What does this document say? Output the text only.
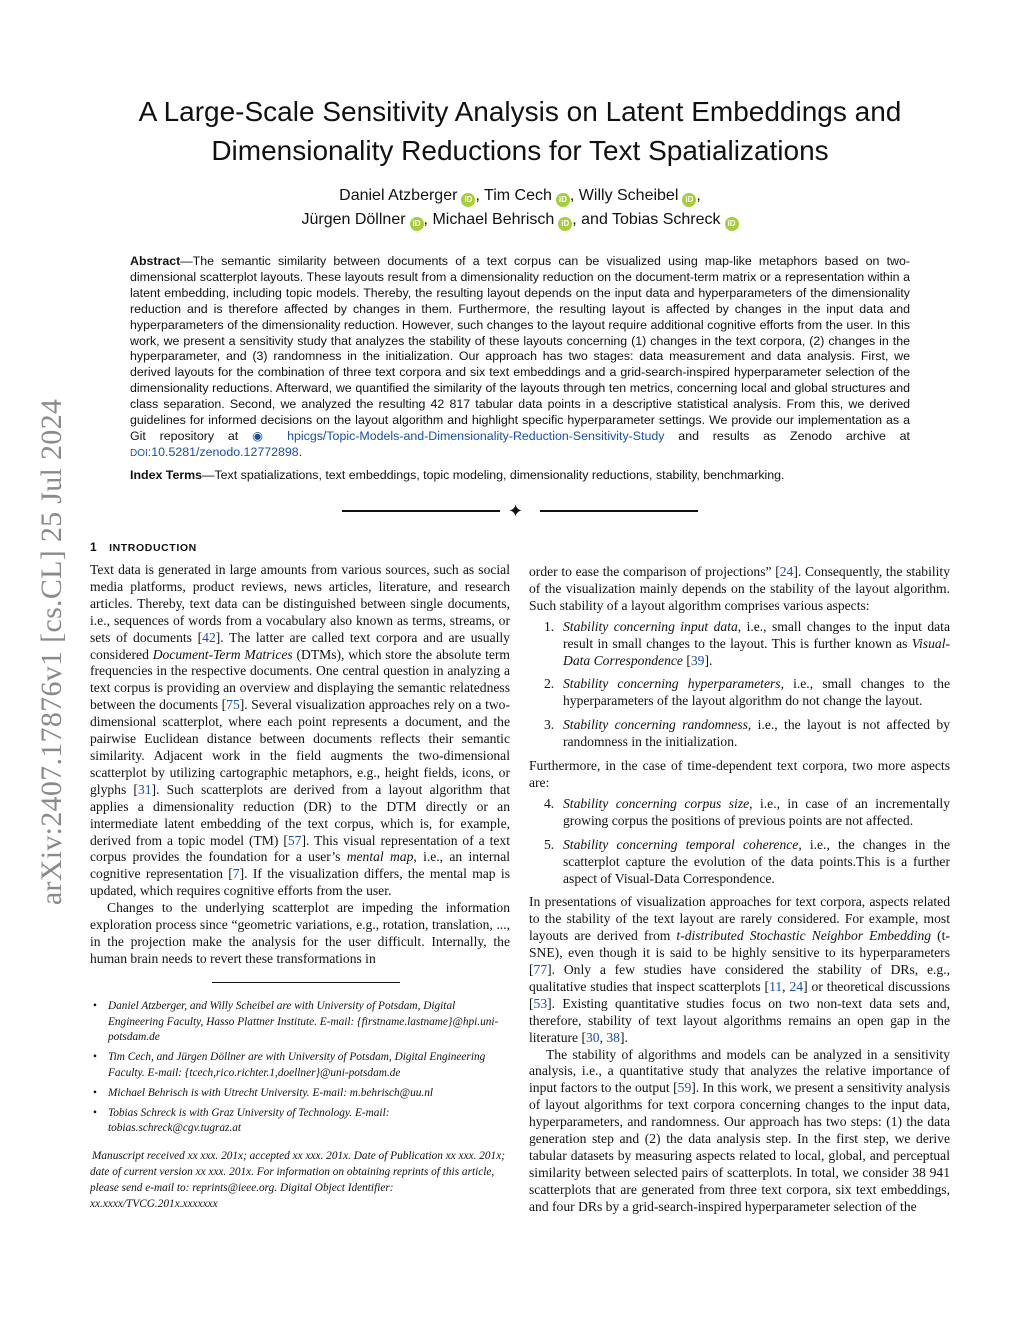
arXiv:2407.17876v1 [cs.CL] 25 Jul 2024
A Large-Scale Sensitivity Analysis on Latent Embeddings and Dimensionality Reductions for Text Spatializations

Daniel Atzberger iD , Tim Cech iD , Willy Scheibel iD ,
Jürgen Döllner iD , Michael Behrisch iD , and Tobias Schreck iD

Abstract—The semantic similarity between documents of a text corpus can be visualized using map-like metaphors based on two-dimensional scatterplot layouts. These layouts result from a dimensionality reduction on the document-term matrix or a representation within a latent embedding, including topic models. Thereby, the resulting layout depends on the input data and hyperparameters of the dimensionality reduction and is therefore affected by changes in them. Furthermore, the resulting layout is affected by changes in the input data and hyperparameters of the dimensionality reduction. However, such changes to the layout require additional cognitive efforts from the user. In this work, we present a sensitivity study that analyzes the stability of these layouts concerning (1) changes in the text corpora, (2) changes in the hyperparameter, and (3) randomness in the initialization. Our approach has two stages: data measurement and data analysis. First, we derived layouts for the combination of three text corpora and six text embeddings and a grid-search-inspired hyperparameter selection of the dimensionality reductions. Afterward, we quantified the similarity of the layouts through ten metrics, concerning local and global structures and class separation. Second, we analyzed the resulting 42 817 tabular data points in a descriptive statistical analysis. From this, we derived guidelines for informed decisions on the layout algorithm and highlight specific hyperparameter settings. We provide our implementation as a Git repository at ◉ hpicgs/Topic-Models-and-Dimensionality-Reduction-Sensitivity-Study and results as Zenodo archive at DOI:10.5281/zenodo.12772898.

Index Terms—Text spatializations, text embeddings, topic modeling, dimensionality reductions, stability, benchmarking.

✦

1 INTRODUCTION

Text data is generated in large amounts from various sources, such as social media platforms, product reviews, news articles, literature, and research articles. Thereby, text data can be distinguished between single documents, i.e., sequences of words from a vocabulary also known as terms, streams, or sets of documents [42]. The latter are called text corpora and are usually considered Document-Term Matrices (DTMs), which store the absolute term frequencies in the respective documents. One central question in analyzing a text corpus is providing an overview and displaying the semantic relatedness between the documents [75]. Several visualization approaches rely on a two-dimensional scatterplot, where each point represents a document, and the pairwise Euclidean distance between documents reflects their semantic similarity. Adjacent work in the field augments the two-dimensional scatterplot by utilizing cartographic metaphors, e.g., height fields, icons, or glyphs [31]. Such scatterplots are derived from a layout algorithm that applies a dimensionality reduction (DR) to the DTM directly or an intermediate latent embedding of the text corpus, which is, for example, derived from a topic model (TM) [57]. This visual representation of a text corpus provides the foundation for a user’s mental map, i.e., an internal cognitive representation [7]. If the visualization differs, the mental map is updated, which requires cognitive efforts from the user.

Changes to the underlying scatterplot are impeding the information exploration process since “geometric variations, e.g., rotation, translation, ..., in the projection make the analysis for the user difficult. Internally, the human brain needs to revert these transformations in

• Daniel Atzberger, and Willy Scheibel are with University of Potsdam, Digital Engineering Faculty, Hasso Plattner Institute. E-mail: {firstname.lastname}@hpi.uni-potsdam.de
• Tim Cech, and Jürgen Döllner are with University of Potsdam, Digital Engineering Faculty. E-mail: {tcech,rico.richter.1,doellner}@uni-potsdam.de
• Michael Behrisch is with Utrecht University. E-mail: m.behrisch@uu.nl
• Tobias Schreck is with Graz University of Technology. E-mail: tobias.schreck@cgv.tugraz.at

Manuscript received xx xxx. 201x; accepted xx xxx. 201x. Date of Publication xx xxx. 201x; date of current version xx xxx. 201x. For information on obtaining reprints of this article, please send e-mail to: reprints@ieee.org. Digital Object Identifier: xx.xxxx/TVCG.201x.xxxxxxx

order to ease the comparison of projections” [24]. Consequently, the stability of the visualization mainly depends on the stability of the layout algorithm. Such stability of a layout algorithm comprises various aspects:

1. Stability concerning input data, i.e., small changes to the input data result in small changes to the layout. This is further known as Visual-Data Correspondence [39].
2. Stability concerning hyperparameters, i.e., small changes to the hyperparameters of the layout algorithm do not change the layout.
3. Stability concerning randomness, i.e., the layout is not affected by randomness in the initialization.

Furthermore, in the case of time-dependent text corpora, two more aspects are:

4. Stability concerning corpus size, i.e., in case of an incrementally growing corpus the positions of previous points are not affected.
5. Stability concerning temporal coherence, i.e., the changes in the scatterplot capture the evolution of the data points.This is a further aspect of Visual-Data Correspondence.

In presentations of visualization approaches for text corpora, aspects related to the stability of the text layout are rarely considered. For example, most layouts are derived from t-distributed Stochastic Neighbor Embedding (t-SNE), even though it is said to be highly sensitive to its hyperparameters [77]. Only a few studies have considered the stability of DRs, e.g., qualitative studies that inspect scatterplots [11, 24] or theoretical discussions [53]. Existing quantitative studies focus on two non-text data sets and, therefore, stability of text layout algorithms remains an open gap in the literature [30, 38].

The stability of algorithms and models can be analyzed in a sensitivity analysis, i.e., a quantitative study that analyzes the relative importance of input factors to the output [59]. In this work, we present a sensitivity analysis of layout algorithms for text corpora concerning changes to the input data, hyperparameters, and randomness. Our approach has two steps: (1) the data generation step and (2) the data analysis step. In the first step, we derive tabular datasets by measuring aspects related to local, global, and perceptual similarity between selected pairs of scatterplots. In total, we consider 38 941 scatterplots that are generated from three text corpora, six text embeddings, and four DRs by a grid-search-inspired hyperparameter selection of the
